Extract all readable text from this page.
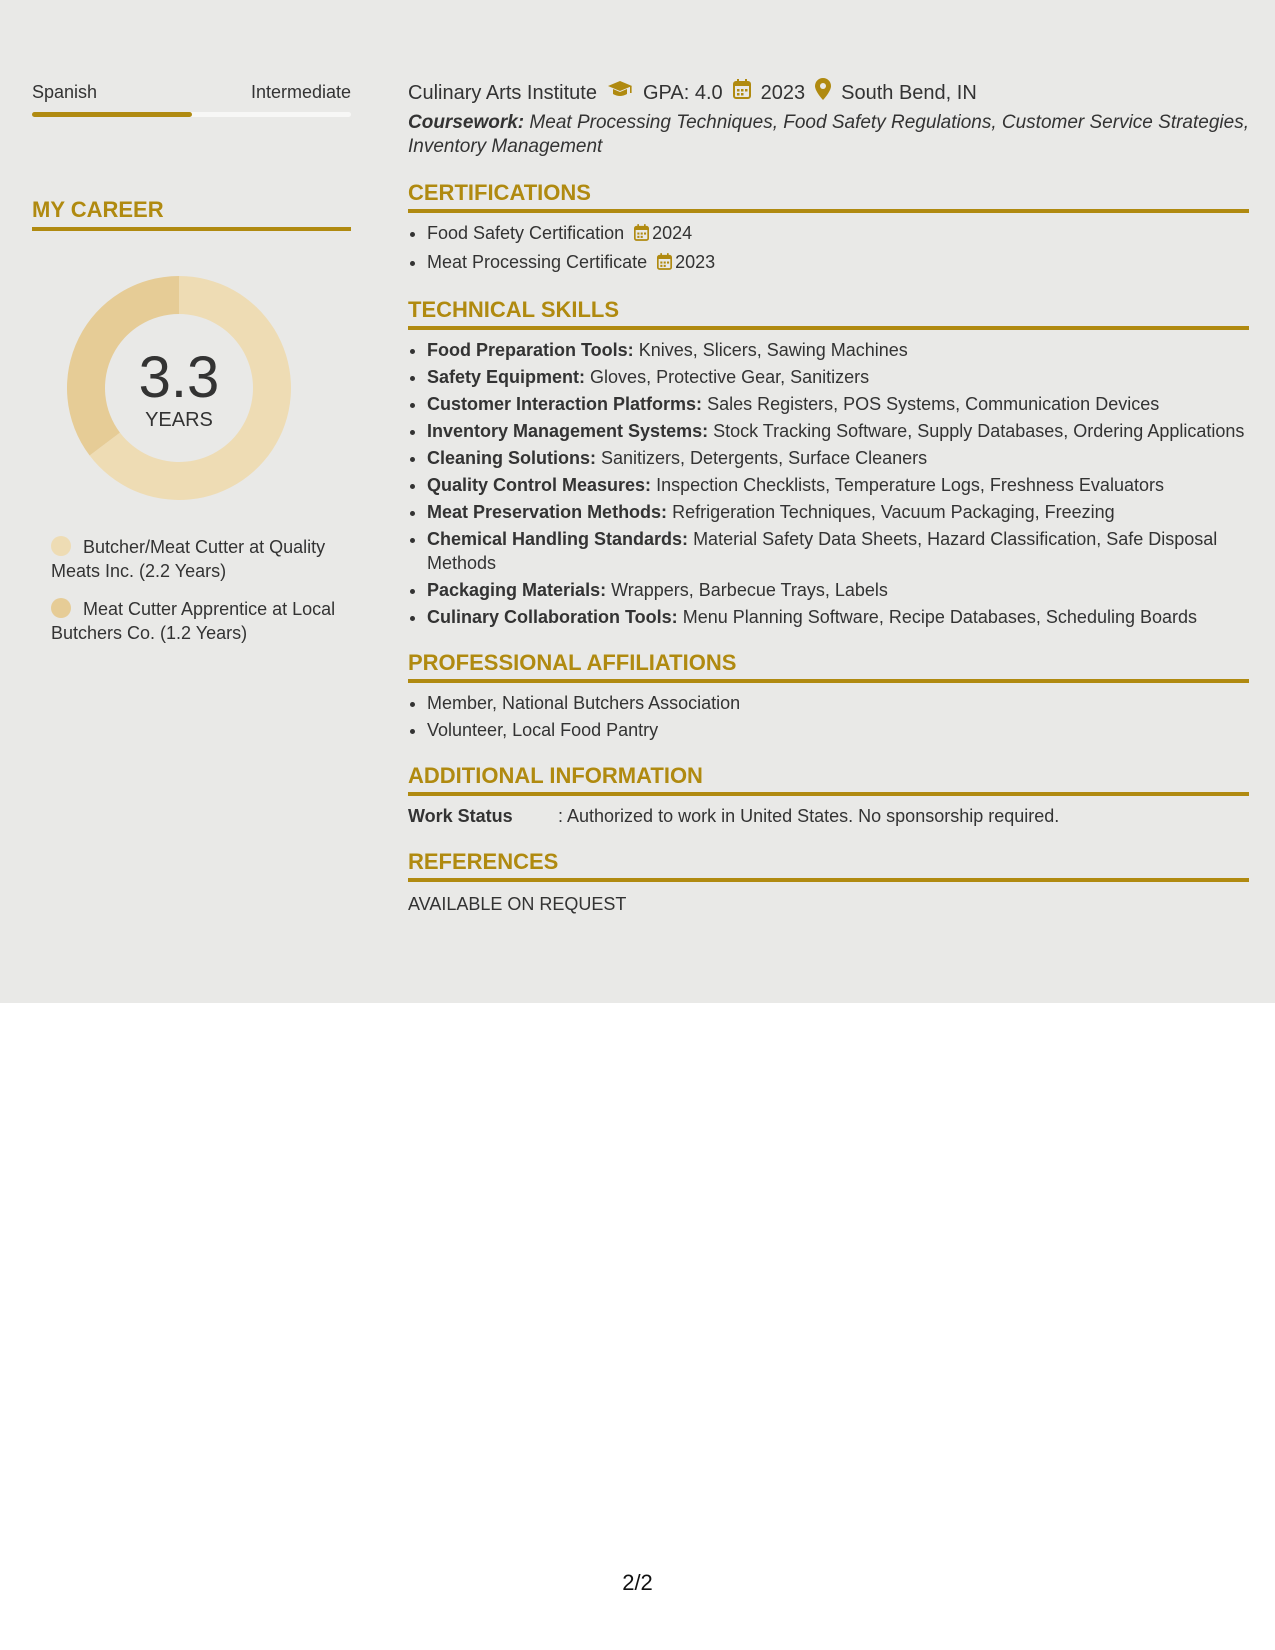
Spanish	Intermediate
MY CAREER
3.3
YEARS
Butcher/Meat Cutter at Quality Meats Inc. (2.2 Years)
Meat Cutter Apprentice at Local Butchers Co. (1.2 Years)
Culinary Arts Institute GPA: 4.0 2023 South Bend, IN
Coursework: Meat Processing Techniques, Food Safety Regulations, Customer Service Strategies, Inventory Management
CERTIFICATIONS
• Food Safety Certification 2024
• Meat Processing Certificate 2023
TECHNICAL SKILLS
• Food Preparation Tools: Knives, Slicers, Sawing Machines
• Safety Equipment: Gloves, Protective Gear, Sanitizers
• Customer Interaction Platforms: Sales Registers, POS Systems, Communication Devices
• Inventory Management Systems: Stock Tracking Software, Supply Databases, Ordering Applications
• Cleaning Solutions: Sanitizers, Detergents, Surface Cleaners
• Quality Control Measures: Inspection Checklists, Temperature Logs, Freshness Evaluators
• Meat Preservation Methods: Refrigeration Techniques, Vacuum Packaging, Freezing
• Chemical Handling Standards: Material Safety Data Sheets, Hazard Classification, Safe Disposal Methods
• Packaging Materials: Wrappers, Barbecue Trays, Labels
• Culinary Collaboration Tools: Menu Planning Software, Recipe Databases, Scheduling Boards
PROFESSIONAL AFFILIATIONS
• Member, National Butchers Association
• Volunteer, Local Food Pantry
ADDITIONAL INFORMATION
Work Status	: Authorized to work in United States. No sponsorship required.
REFERENCES
AVAILABLE ON REQUEST
2/2
